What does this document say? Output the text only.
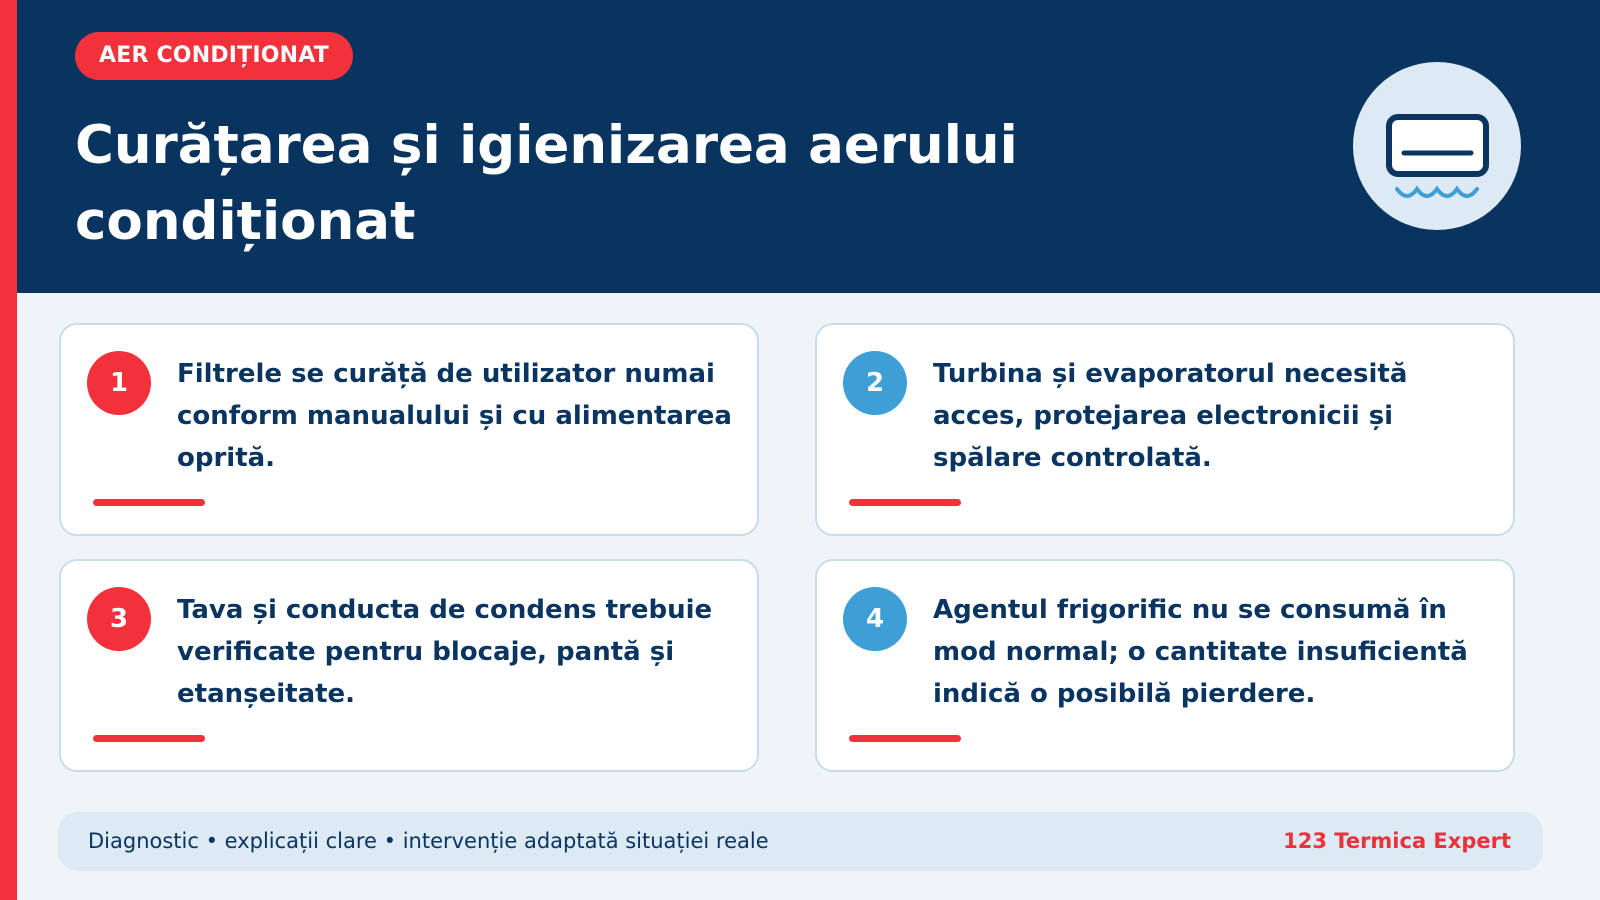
AER CONDIȚIONAT
Curățarea și igienizarea aerului condiționat
1	Filtrele se curăță de utilizator numai conform manualului și cu alimentarea oprită.

2	Turbina și evaporatorul necesită acces, protejarea electronicii și spălare controlată.

3	Tava și conducta de condens trebuie verificate pentru blocaje, pantă și etanșeitate.

4	Agentul frigorific nu se consumă în mod normal; o cantitate insuficientă indică o posibilă pierdere.

Diagnostic • explicații clare • intervenție adaptată situației reale	123 Termica Expert
